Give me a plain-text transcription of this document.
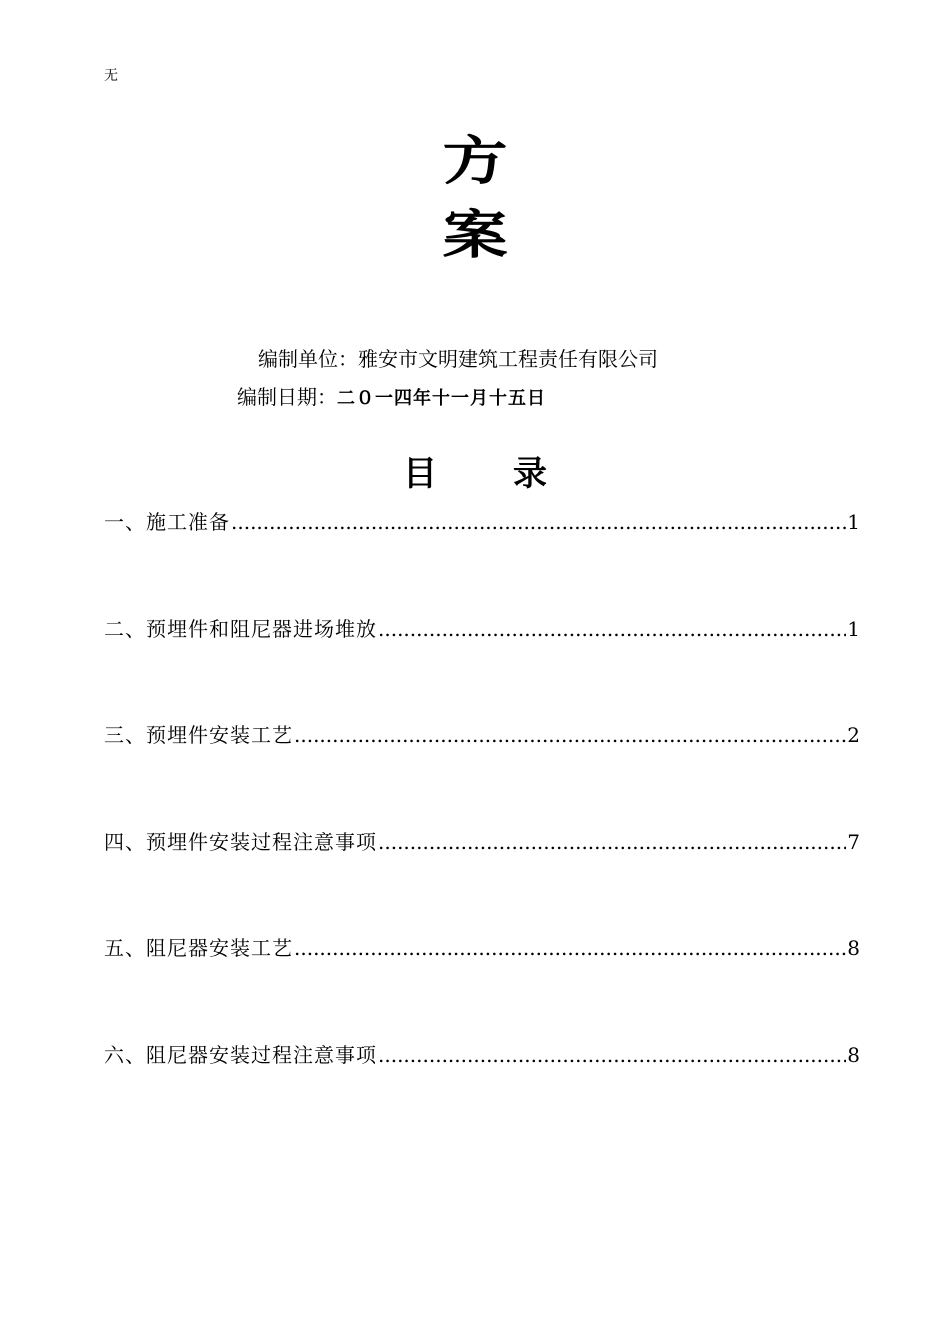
无
方
案
编制单位：雅安市文明建筑工程责任有限公司
编制日期：二０一四年十一月十五日
目 录
一、施工准备 .....	1
二、预埋件和阻尼器进场堆放 .....	1
三、预埋件安装工艺 .....	2
四、预埋件安装过程注意事项 .....	7
五、阻尼器安装工艺 .....	8
六、阻尼器安装过程注意事项 .....	8
